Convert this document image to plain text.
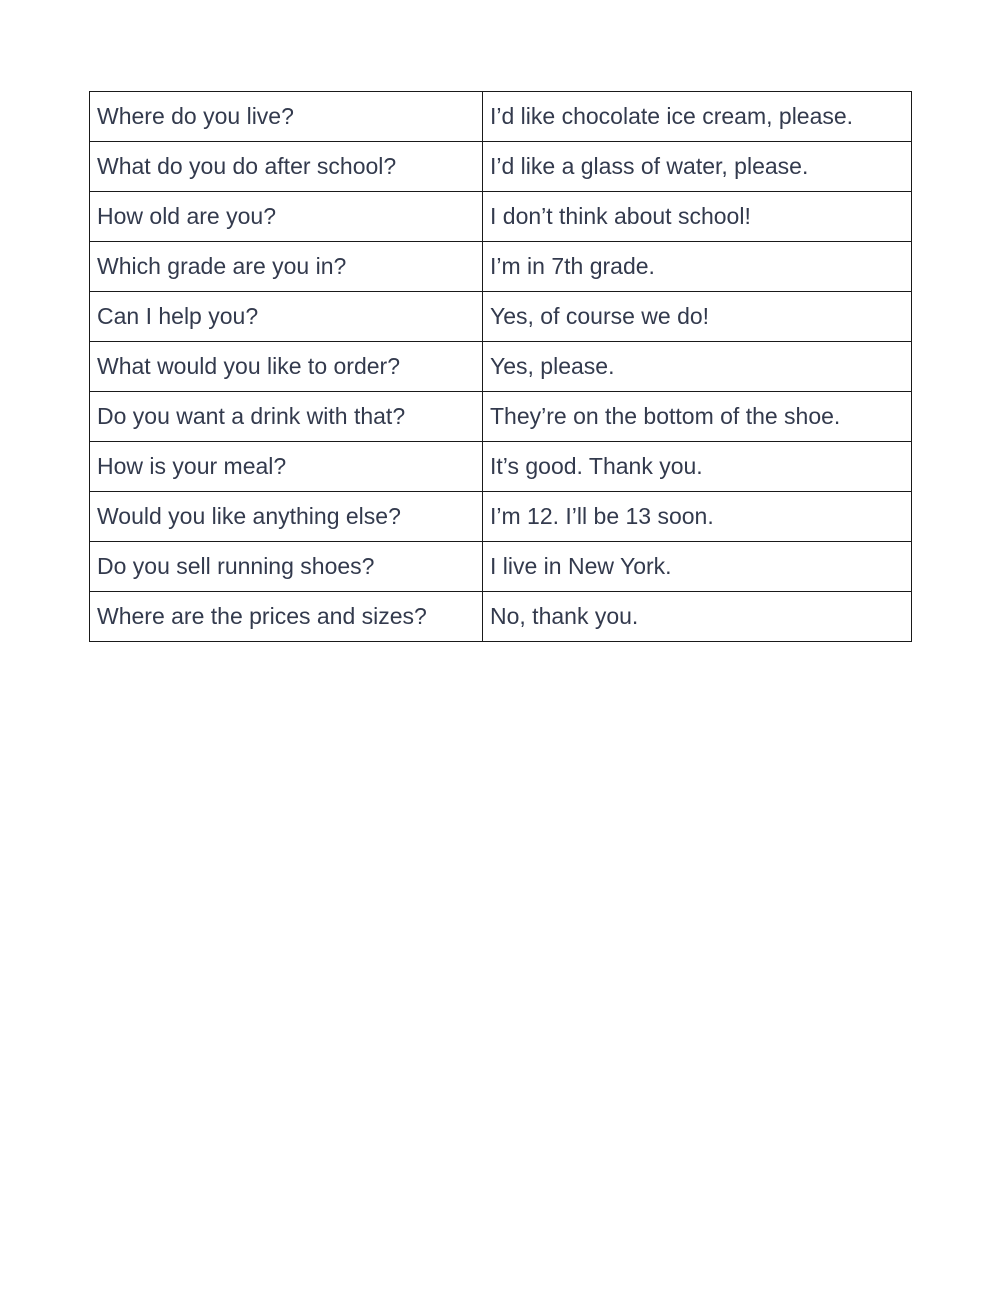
Where do you live?	I’d like chocolate ice cream, please.
What do you do after school?	I’d like a glass of water, please.
How old are you?	I don’t think about school!
Which grade are you in?	I’m in 7th grade.
Can I help you?	Yes, of course we do!
What would you like to order?	Yes, please.
Do you want a drink with that?	They’re on the bottom of the shoe.
How is your meal?	It’s good. Thank you.
Would you like anything else?	I’m 12. I’ll be 13 soon.
Do you sell running shoes?	I live in New York.
Where are the prices and sizes?	No, thank you.
